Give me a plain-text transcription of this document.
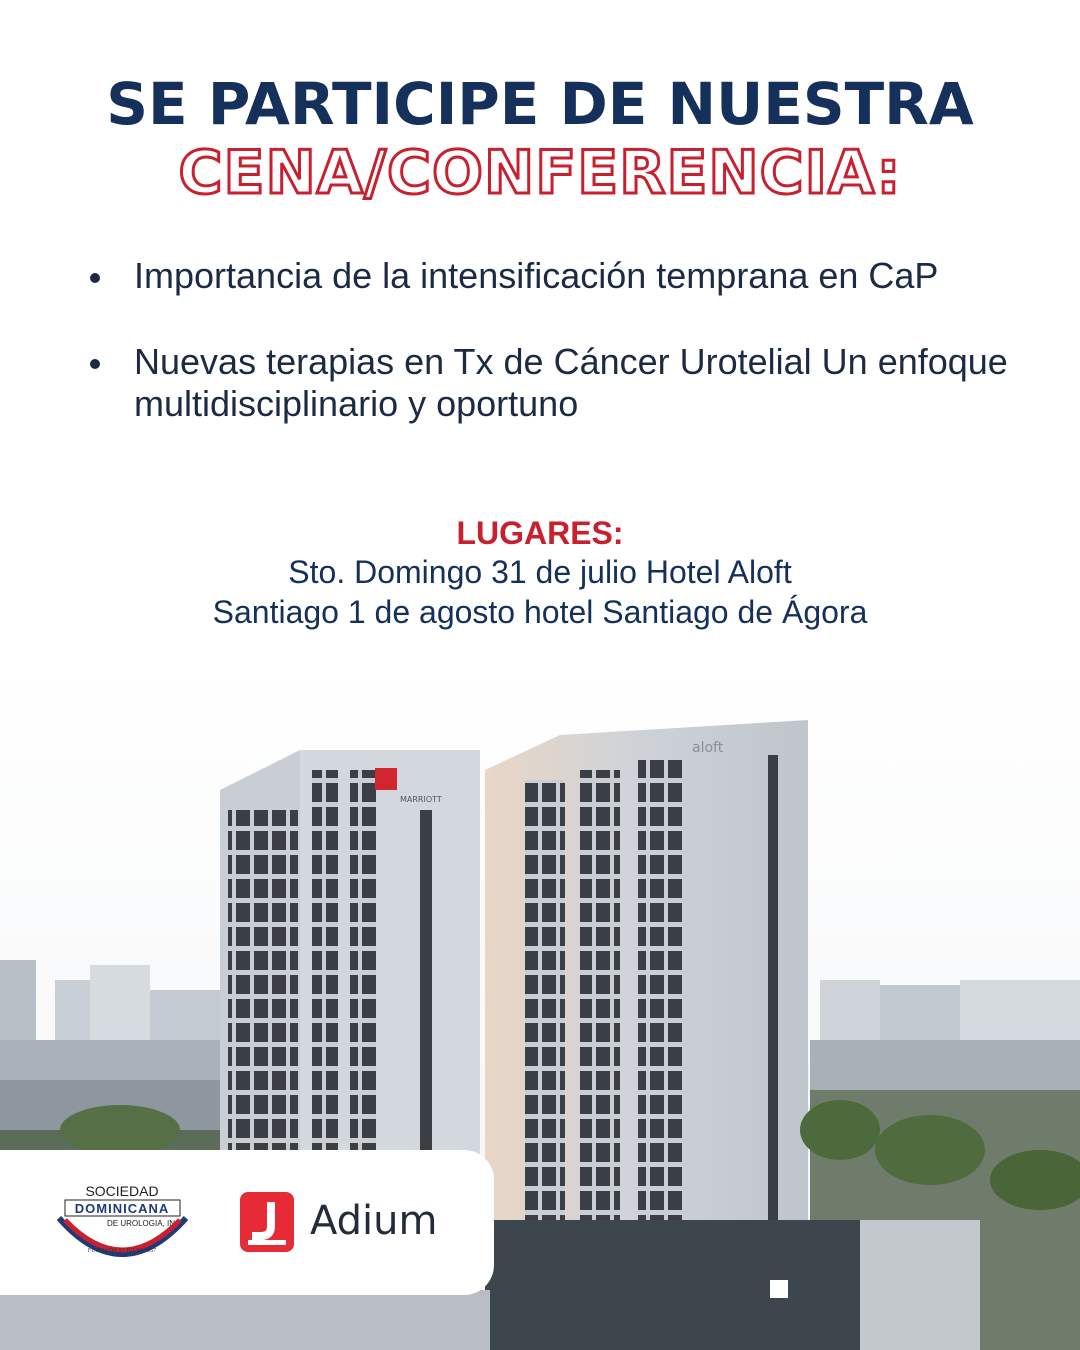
SE PARTICIPE DE NUESTRA
CENA/CONFERENCIA:
Importancia de la intensificación temprana en CaP
Nuevas terapias en Tx de Cáncer Urotelial Un enfoque multidisciplinario y oportuno
LUGARES:
Sto. Domingo 31 de julio Hotel Aloft
Santiago 1 de agosto hotel Santiago de Ágora
MARRIOTT
aloft
SOCIEDAD
DOMINICANA
DE UROLOGIA, INC.
FUNDADA 17 JULIO 1957
Adium
